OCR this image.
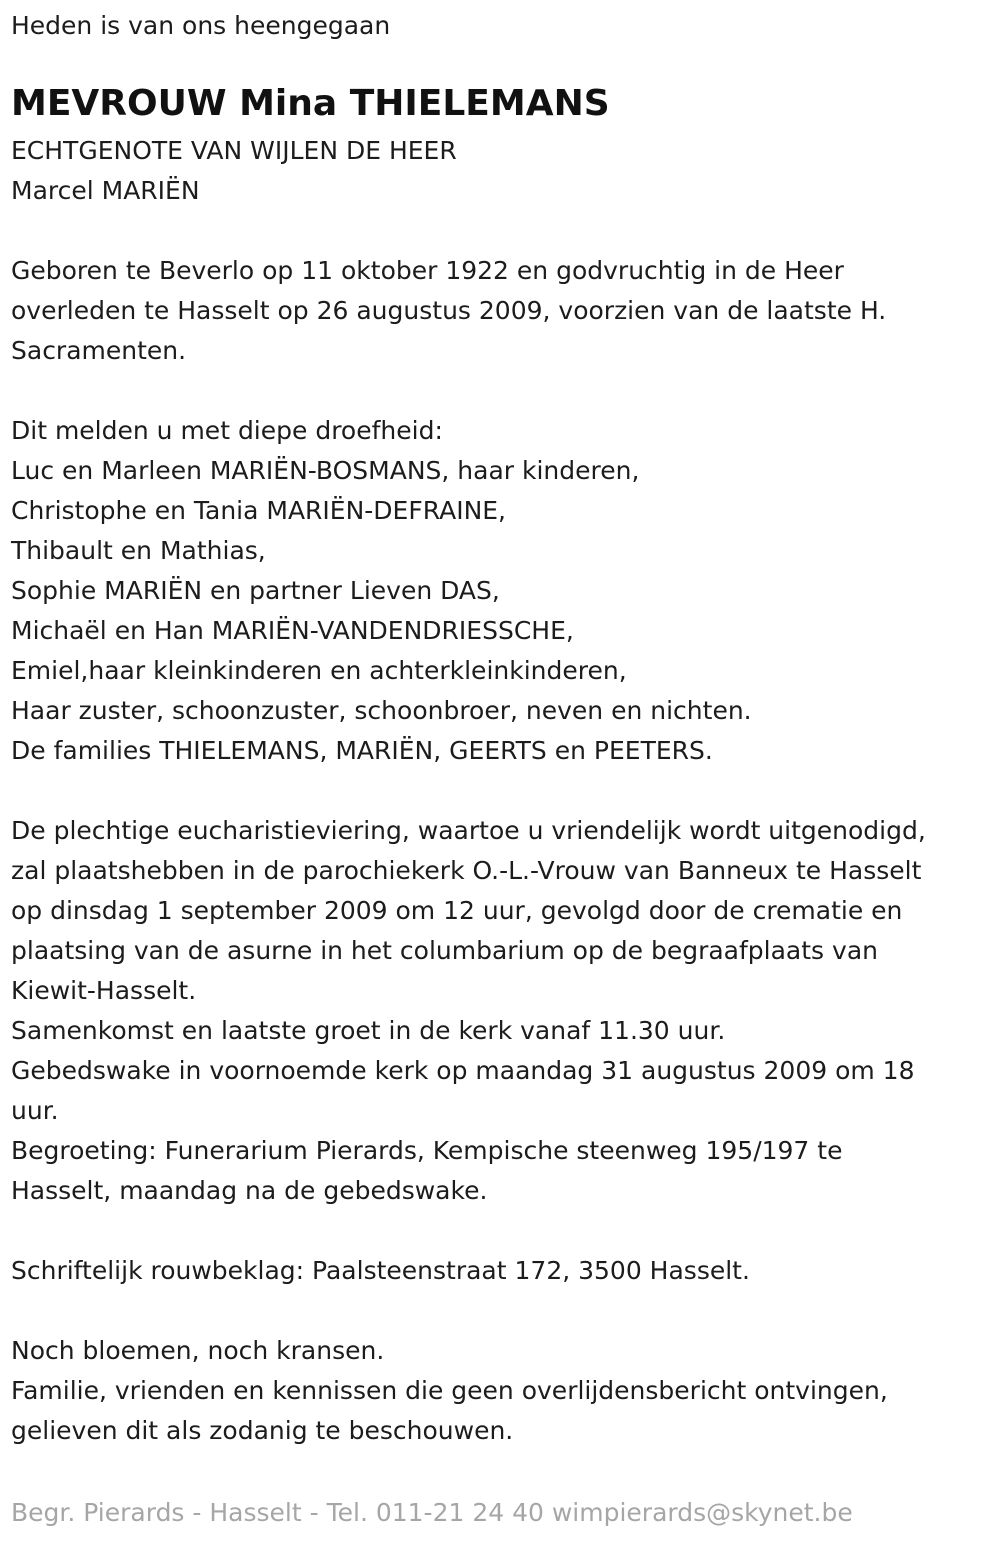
Heden is van ons heengegaan
MEVROUW Mina THIELEMANS
ECHTGENOTE VAN WIJLEN DE HEER
Marcel MARIËN
Geboren te Beverlo op 11 oktober 1922 en godvruchtig in de Heer
overleden te Hasselt op 26 augustus 2009, voorzien van de laatste H.
Sacramenten.
Dit melden u met diepe droefheid:
Luc en Marleen MARIËN-BOSMANS, haar kinderen,
Christophe en Tania MARIËN-DEFRAINE,
Thibault en Mathias,
Sophie MARIËN en partner Lieven DAS,
Michaël en Han MARIËN-VANDENDRIESSCHE,
Emiel,haar kleinkinderen en achterkleinkinderen,
Haar zuster, schoonzuster, schoonbroer, neven en nichten.
De families THIELEMANS, MARIËN, GEERTS en PEETERS.
De plechtige eucharistieviering, waartoe u vriendelijk wordt uitgenodigd,
zal plaatshebben in de parochiekerk O.-L.-Vrouw van Banneux te Hasselt
op dinsdag 1 september 2009 om 12 uur, gevolgd door de crematie en
plaatsing van de asurne in het columbarium op de begraafplaats van
Kiewit-Hasselt.
Samenkomst en laatste groet in de kerk vanaf 11.30 uur.
Gebedswake in voornoemde kerk op maandag 31 augustus 2009 om 18
uur.
Begroeting: Funerarium Pierards, Kempische steenweg 195/197 te
Hasselt, maandag na de gebedswake.
Schriftelijk rouwbeklag: Paalsteenstraat 172, 3500 Hasselt.
Noch bloemen, noch kransen.
Familie, vrienden en kennissen die geen overlijdensbericht ontvingen,
gelieven dit als zodanig te beschouwen.
Begr. Pierards - Hasselt - Tel. 011-21 24 40 wimpierards@skynet.be
